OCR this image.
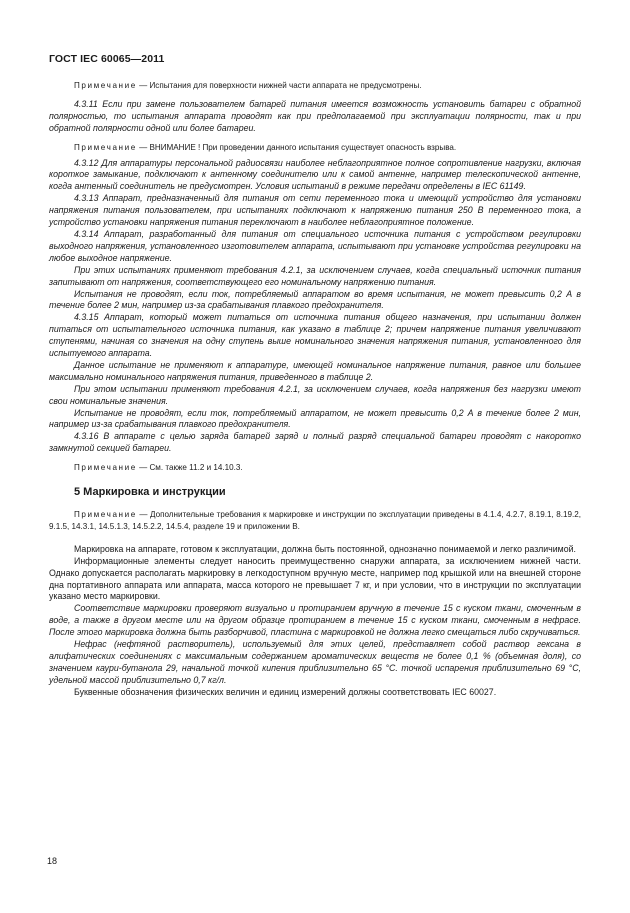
ГОСТ IEC 60065—2011

Примечание — Испытания для поверхности нижней части аппарата не предусмотрены.

4.3.11 Если при замене пользователем батарей питания имеется возможность установить батареи с обратной полярностью, то испытания аппарата проводят как при предполагаемой при эксплуатации полярности, так и при обратной полярности одной или более батареи.

Примечание — ВНИМАНИЕ ! При проведении данного испытания существует опасность взрыва.

4.3.12 Для аппаратуры персональной радиосвязи наиболее неблагоприятное полное сопротивление нагрузки, включая короткое замыкание, подключают к антенному соединителю или к самой антенне, например телескопической антенне, когда антенный соединитель не предусмотрен. Условия испытаний в режиме передачи определены в IEC 61149.

4.3.13 Аппарат, предназначенный для питания от сети переменного тока и имеющий устройство для установки напряжения питания пользователем, при испытаниях подключают к напряжению питания 250 В переменного тока, а устройство установки напряжения питания переключают в наиболее неблагоприятное положение.

4.3.14 Аппарат, разработанный для питания от специального источника питания с устройством регулировки выходного напряжения, установленного изготовителем аппарата, испытывают при установке устройства регулировки на любое выходное напряжение.

При этих испытаниях применяют требования 4.2.1, за исключением случаев, когда специальный источник питания запитывают от напряжения, соответствующего его номинальному напряжению питания.

Испытания не проводят, если ток, потребляемый аппаратом во время испытания, не может превысить 0,2 А в течение более 2 мин, например из-за срабатывания плавкого предохранителя.

4.3.15 Аппарат, который может питаться от источника питания общего назначения, при испытании должен питаться от испытательного источника питания, как указано в таблице 2; причем напряжение питания увеличивают ступенями, начиная со значения на одну ступень выше номинального значения напряжения питания, установленного для испытуемого аппарата.

Данное испытание не применяют к аппаратуре, имеющей номинальное напряжение питания, равное или большее максимально номинального напряжения питания, приведенного в таблице 2.

При этом испытании применяют требования 4.2.1, за исключением случаев, когда напряжения без нагрузки имеют свои номинальные значения.

Испытание не проводят, если ток, потребляемый аппаратом, не может превысить 0,2 А в течение более 2 мин, например из-за срабатывания плавкого предохранителя.

4.3.16 В аппарате с целью заряда батарей заряд и полный разряд специальной батареи проводят с накоротко замкнутой секцией батареи.

Примечание — См. также 11.2 и 14.10.3.

5 Маркировка и инструкции

Примечание — Дополнительные требования к маркировке и инструкции по эксплуатации приведены в 4.1.4, 4.2.7, 8.19.1, 8.19.2, 9.1.5, 14.3.1, 14.5.1.3, 14.5.2.2, 14.5.4, разделе 19 и приложении В.

Маркировка на аппарате, готовом к эксплуатации, должна быть постоянной, однозначно понимаемой и легко различимой.

Информационные элементы следует наносить преимущественно снаружи аппарата, за исключением нижней части. Однако допускается располагать маркировку в легкодоступном вручную месте, например под крышкой или на внешней стороне дна портативного аппарата или аппарата, масса которого не превышает 7 кг, и при условии, что в инструкции по эксплуатации указано место маркировки.

Соответствие маркировки проверяют визуально и протиранием вручную в течение 15 с куском ткани, смоченным в воде, а также в другом месте или на другом образце протиранием в течение 15 с куском ткани, смоченным в нефрасе. После этого маркировка должна быть разборчивой, пластина с маркировкой не должна легко смещаться либо скручиваться.

Нефрас (нефтяной растворитель), используемый для этих целей, представляет собой раствор гексана в алифатических соединениях с максимальным содержанием ароматических веществ не более 0,1 % (объемная доля), со значением каури-бутанола 29, начальной точкой кипения приблизительно 65 °С. точкой испарения приблизительно 69 °С, удельной массой приблизительно 0,7 кг/л.

Буквенные обозначения физических величин и единиц измерений должны соответствовать IEC 60027.

18
